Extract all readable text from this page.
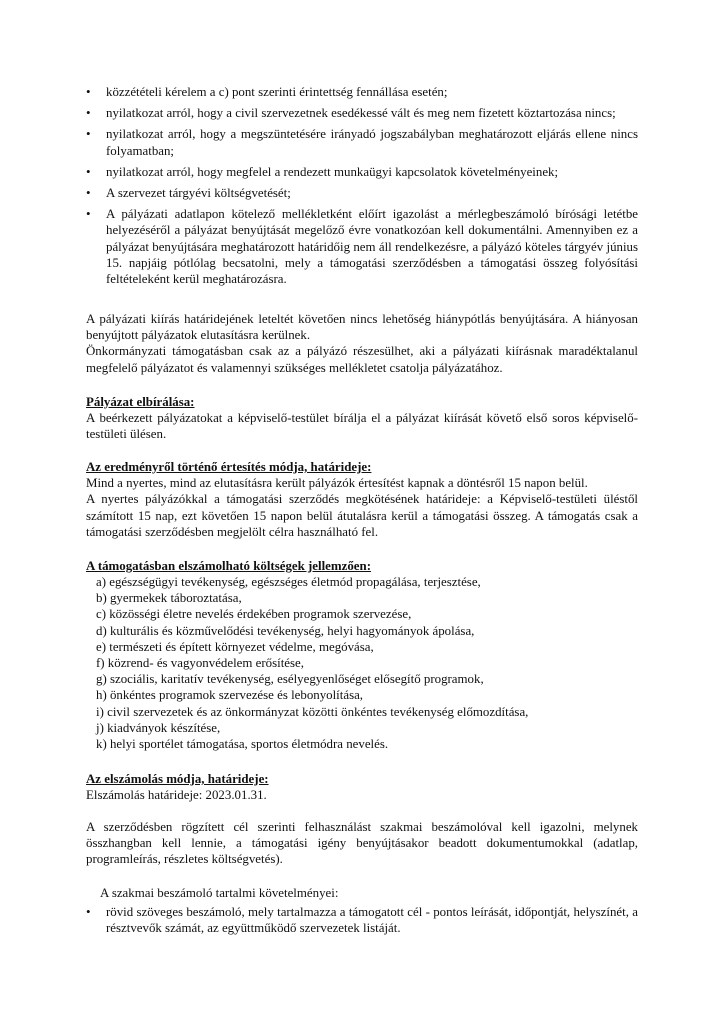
• közzétételi kérelem a c) pont szerinti érintettség fennállása esetén;
• nyilatkozat arról, hogy a civil szervezetnek esedékessé vált és meg nem fizetett köztartozása nincs;
• nyilatkozat arról, hogy a megszüntetésére irányadó jogszabályban meghatározott eljárás ellene nincs folyamatban;
• nyilatkozat arról, hogy megfelel a rendezett munkaügyi kapcsolatok követelményeinek;
• A szervezet tárgyévi költségvetését;
• A pályázati adatlapon kötelező mellékletként előírt igazolást a mérlegbeszámoló bírósági letétbe helyezéséről a pályázat benyújtását megelőző évre vonatkozóan kell dokumentálni. Amennyiben ez a pályázat benyújtására meghatározott határidőig nem áll rendelkezésre, a pályázó köteles tárgyév június 15. napjáig pótlólag becsatolni, mely a támogatási szerződésben a támogatási összeg folyósítási feltételeként kerül meghatározásra.
A pályázati kiírás határidejének leteltét követően nincs lehetőség hiánypótlás benyújtására. A hiányosan benyújtott pályázatok elutasításra kerülnek.
Önkormányzati támogatásban csak az a pályázó részesülhet, aki a pályázati kiírásnak maradéktalanul megfelelő pályázatot és valamennyi szükséges mellékletet csatolja pályázatához.
Pályázat elbírálása:
A beérkezett pályázatokat a képviselő-testület bírálja el a pályázat kiírását követő első soros képviselő-testületi ülésen.
Az eredményről történő értesítés módja, határideje:
Mind a nyertes, mind az elutasításra került pályázók értesítést kapnak a döntésről 15 napon belül.
A nyertes pályázókkal a támogatási szerződés megkötésének határideje: a Képviselő-testületi üléstől számított 15 nap, ezt követően 15 napon belül átutalásra kerül a támogatási összeg. A támogatás csak a támogatási szerződésben megjelölt célra használható fel.
A támogatásban elszámolható költségek jellemzően:
a) egészségügyi tevékenység, egészséges életmód propagálása, terjesztése,
b) gyermekek táboroztatása,
c) közösségi életre nevelés érdekében programok szervezése,
d) kulturális és közművelődési tevékenység, helyi hagyományok ápolása,
e) természeti és épített környezet védelme, megóvása,
f) közrend- és vagyonvédelem erősítése,
g) szociális, karitatív tevékenység, esélyegyenlőséget elősegítő programok,
h) önkéntes programok szervezése és lebonyolítása,
i) civil szervezetek és az önkormányzat közötti önkéntes tevékenység előmozdítása,
j) kiadványok készítése,
k) helyi sportélet támogatása, sportos életmódra nevelés.
Az elszámolás módja, határideje:
Elszámolás határideje: 2023.01.31.
A szerződésben rögzített cél szerinti felhasználást szakmai beszámolóval kell igazolni, melynek összhangban kell lennie, a támogatási igény benyújtásakor beadott dokumentumokkal (adatlap, programleírás, részletes költségvetés).
A szakmai beszámoló tartalmi követelményei:
• rövid szöveges beszámoló, mely tartalmazza a támogatott cél - pontos leírását, időpontját, helyszínét, a résztvevők számát, az együttműködő szervezetek listáját.
